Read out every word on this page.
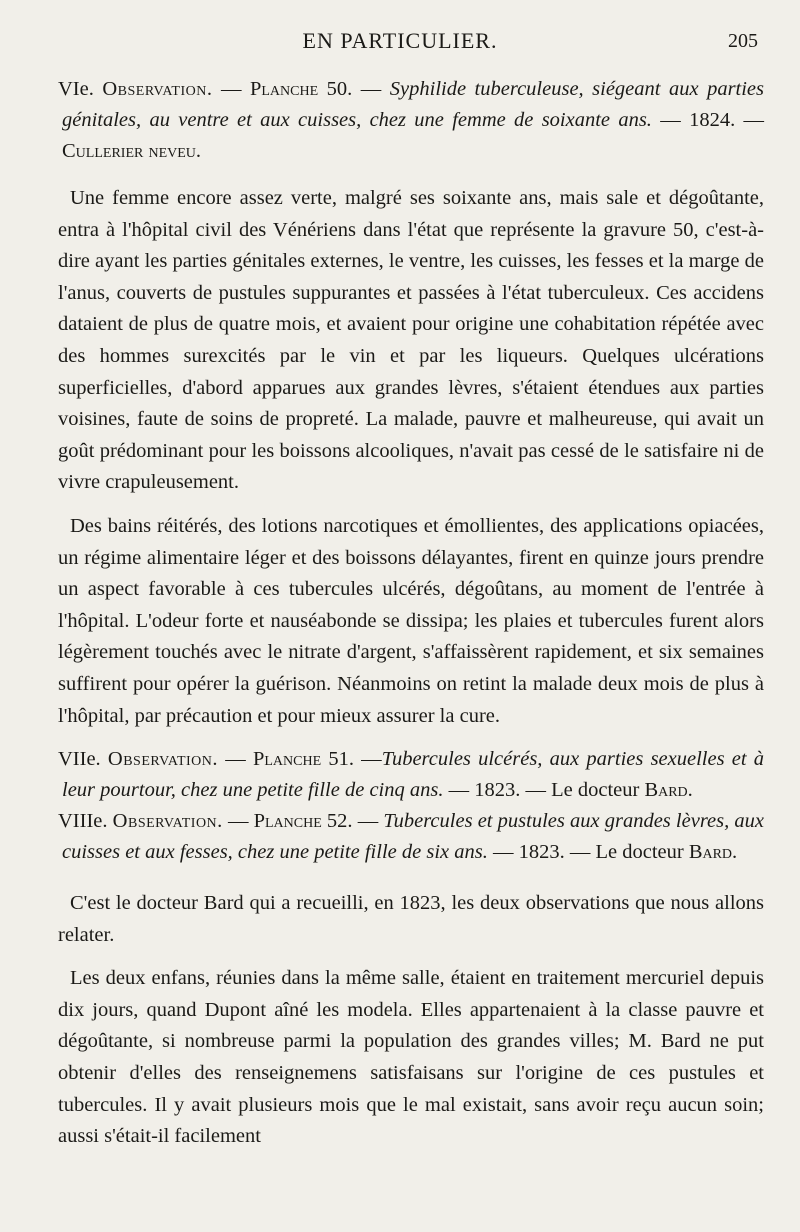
EN PARTICULIER.	205

VIe. Observation. — Planche 50. — Syphilide tuberculeuse, siégeant aux parties génitales, au ventre et aux cuisses, chez une femme de soixante ans. — 1824. — Cullerier neveu.

Une femme encore assez verte, malgré ses soixante ans, mais sale et dégoûtante, entra à l'hôpital civil des Vénériens dans l'état que représente la gravure 50, c'est-à-dire ayant les parties génitales externes, le ventre, les cuisses, les fesses et la marge de l'anus, couverts de pustules suppurantes et passées à l'état tuberculeux. Ces accidens dataient de plus de quatre mois, et avaient pour origine une cohabitation répétée avec des hommes surexcités par le vin et par les liqueurs. Quelques ulcérations superficielles, d'abord apparues aux grandes lèvres, s'étaient étendues aux parties voisines, faute de soins de propreté. La malade, pauvre et malheureuse, qui avait un goût prédominant pour les boissons alcooliques, n'avait pas cessé de le satisfaire ni de vivre crapuleusement.

Des bains réitérés, des lotions narcotiques et émollientes, des applications opiacées, un régime alimentaire léger et des boissons délayantes, firent en quinze jours prendre un aspect favorable à ces tubercules ulcérés, dégoûtans, au moment de l'entrée à l'hôpital. L'odeur forte et nauséabonde se dissipa; les plaies et tubercules furent alors légèrement touchés avec le nitrate d'argent, s'affaissèrent rapidement, et six semaines suffirent pour opérer la guérison. Néanmoins on retint la malade deux mois de plus à l'hôpital, par précaution et pour mieux assurer la cure.

VIIe. Observation. — Planche 51. —Tubercules ulcérés, aux parties sexuelles et à leur pourtour, chez une petite fille de cinq ans. — 1823. — Le docteur Bard.

VIIIe. Observation. — Planche 52. — Tubercules et pustules aux grandes lèvres, aux cuisses et aux fesses, chez une petite fille de six ans. — 1823. — Le docteur Bard.

C'est le docteur Bard qui a recueilli, en 1823, les deux observations que nous allons relater.

Les deux enfans, réunies dans la même salle, étaient en traitement mercuriel depuis dix jours, quand Dupont aîné les modela. Elles appartenaient à la classe pauvre et dégoûtante, si nombreuse parmi la population des grandes villes; M. Bard ne put obtenir d'elles des renseignemens satisfaisans sur l'origine de ces pustules et tubercules. Il y avait plusieurs mois que le mal existait, sans avoir reçu aucun soin; aussi s'était-il facilement
